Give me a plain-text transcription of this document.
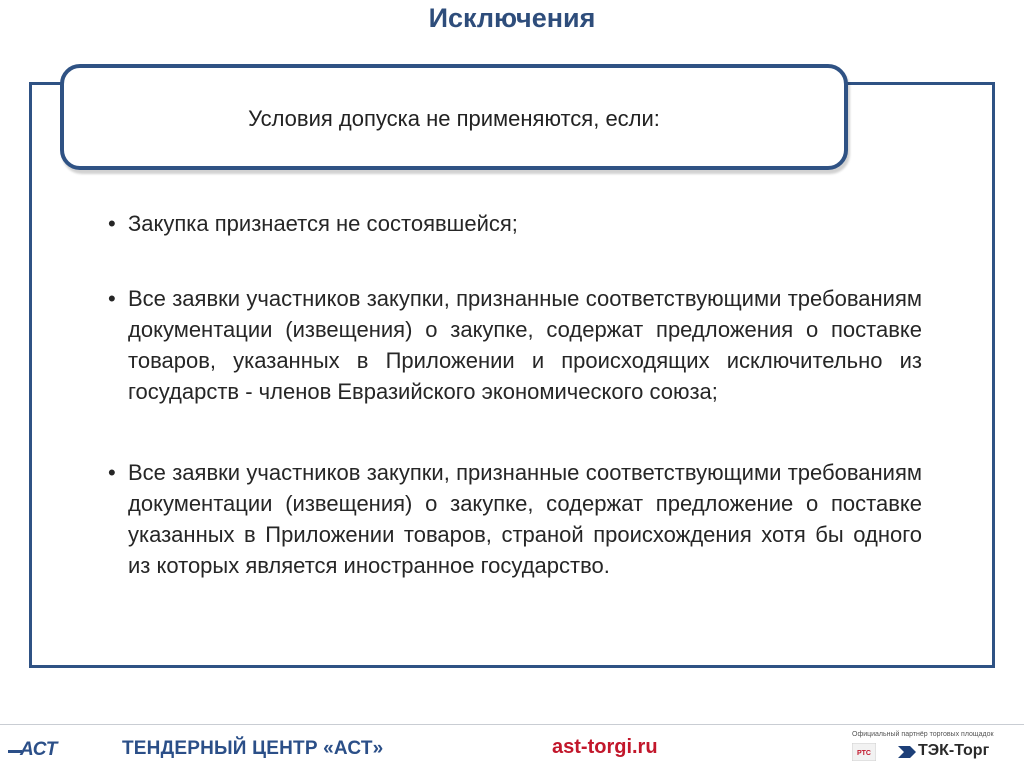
Исключения
Условия допуска не применяются, если:
• Закупка признается не состоявшейся;
• Все заявки участников закупки, признанные соответствующими требованиям документации (извещения) о закупке, содержат предложения о поставке товаров, указанных в Приложении и происходящих исключительно из государств - членов Евразийского экономического союза;
• Все заявки участников закупки, признанные соответствующими требованиям документации (извещения) о закупке, содержат предложение о поставке указанных в Приложении товаров, страной происхождения хотя бы одного из которых является иностранное государство.
АСТ	ТЕНДЕРНЫЙ ЦЕНТР «АСТ»	ast-torgi.ru
Официальный партнёр торговых площадок
РТС	ТЭК-Торг
